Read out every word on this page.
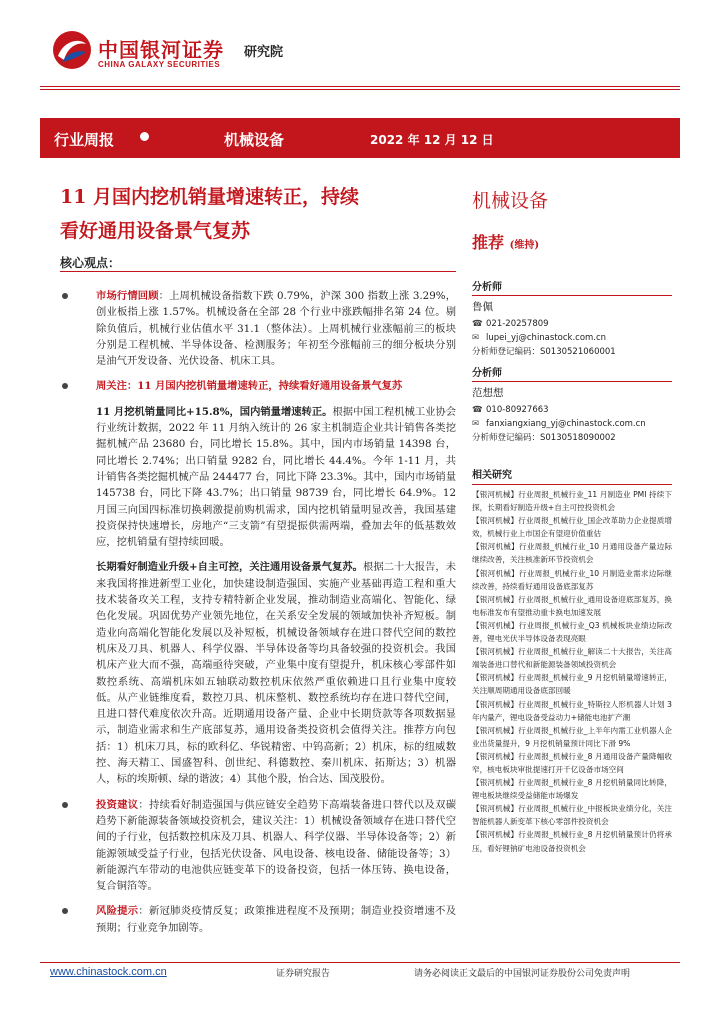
中国银河证券
CHINA GALAXY SECURITIES
研究院
行业周报	机械设备	2022 年 12 月 12 日
11 月国内挖机销量增速转正，持续
看好通用设备景气复苏
机械设备
推荐 (维持)
核心观点：
市场行情回顾：上周机械设备指数下跌 0.79%，沪深 300 指数上涨 3.29%，创业板指上涨 1.57%。机械设备在全部 28 个行业中涨跌幅排名第 24 位。剔除负值后，机械行业估值水平 31.1（整体法）。上周机械行业涨幅前三的板块分别是工程机械、半导体设备、检测服务；年初至今涨幅前三的细分板块分别是油气开发设备、光伏设备、机床工具。
周关注：11 月国内挖机销量增速转正，持续看好通用设备景气复苏
11 月挖机销量同比+15.8%，国内销量增速转正。根据中国工程机械工业协会行业统计数据，2022 年 11 月纳入统计的 26 家主机制造企业共计销售各类挖掘机械产品 23680 台，同比增长 15.8%。其中，国内市场销量 14398 台，同比增长 2.74%；出口销量 9282 台，同比增长 44.4%。今年 1-11 月，共计销售各类挖掘机械产品 244477 台，同比下降 23.3%。其中，国内市场销量 145738 台，同比下降 43.7%；出口销量 98739 台，同比增长 64.9%。12 月国三向国四标准切换刺激提前购机需求，国内挖机销量明显改善，我国基建投资保持快速增长，房地产“三支箭”有望提振供需两端，叠加去年的低基数效应，挖机销量有望持续回暖。
长期看好制造业升级+自主可控，关注通用设备景气复苏。根据二十大报告，未来我国将推进新型工业化，加快建设制造强国、实施产业基础再造工程和重大技术装备攻关工程，支持专精特新企业发展，推动制造业高端化、智能化、绿色化发展。巩固优势产业领先地位，在关系安全发展的领域加快补齐短板。制造业向高端化智能化发展以及补短板，机械设备领域存在进口替代空间的数控机床及刀具、机器人、科学仪器、半导体设备等均具备较强的投资机会。我国机床产业大而不强，高端亟待突破，产业集中度有望提升，机床核心零部件如数控系统、高端机床如五轴联动数控机床依然严重依赖进口且行业集中度较低。从产业链维度看，数控刀具、机床整机、数控系统均存在进口替代空间，且进口替代难度依次升高。近期通用设备产量、企业中长期贷款等各项数据显示，制造业需求和生产底部复苏，通用设备类投资机会值得关注。推荐方向包括：1）机床刀具，标的欧科亿、华锐精密、中钨高新；2）机床，标的纽威数控、海天精工、国盛智科、创世纪、科德数控、秦川机床、拓斯达；3）机器人，标的埃斯顿、绿的谐波；4）其他个股，怡合达、国茂股份。
投资建议：持续看好制造强国与供应链安全趋势下高端装备进口替代以及双碳趋势下新能源装备领域投资机会，建议关注：1）机械设备领域存在进口替代空间的子行业，包括数控机床及刀具、机器人、科学仪器、半导体设备等；2）新能源领域受益子行业，包括光伏设备、风电设备、核电设备、储能设备等；3）新能源汽车带动的电池供应链变革下的设备投资，包括一体压铸、换电设备，复合铜箔等。
风险提示：新冠肺炎疫情反复；政策推进程度不及预期；制造业投资增速不及预期；行业竞争加剧等。
分析师
鲁佩
☎ 021-20257809
✉ lupei_yj@chinastock.com.cn
分析师登记编码：S0130521060001
分析师
范想想
☎ 010-80927663
✉ fanxiangxiang_yj@chinastock.com.cn
分析师登记编码：S0130518090002
相关研究
【银河机械】行业周报_机械行业_11 月制造业 PMI 持续下探，长期看好制造升级+自主可控投资机会
【银河机械】行业周报_机械行业_国企改革助力企业提质增效，机械行业上市国企有望迎价值重估
【银河机械】行业周报_机械行业_10 月通用设备产量边际继续改善，关注核准新环节投资机会
【银河机械】行业周报_机械行业_10 月制造业需求边际继续改善，持续看好通用设备底部复苏
【银河机械】行业周报_机械行业_通用设备迎底部复苏，换电标准发布有望推动重卡换电加速发展
【银河机械】行业周报_机械行业_Q3 机械板块业绩边际改善，锂电光伏半导体设备表现亮眼
【银河机械】行业周报_机械行业_解读二十大报告，关注高端装备进口替代和新能源装备领域投资机会
【银河机械】行业周报_机械行业_9 月挖机销量增速转正，关注顺周期通用设备底部回暖
【银河机械】行业周报_机械行业_特斯拉人形机器人计划 3 年内量产，锂电设备受益动力+储能电池扩产潮
【银河机械】行业周报_机械行业_上半年内需工业机器人企业出货量提升，9 月挖机销量预计同比下滑 9%
【银河机械】行业周报_机械行业_8 月通用设备产量降幅收窄，核电板块审批提速打开千亿设备市场空间
【银河机械】行业周报_机械行业_8 月挖机销量同比转降，锂电板块继续受益储能市场爆发
【银河机械】行业周报_机械行业_中报板块业绩分化，关注智能机器人新变革下核心零部件投资机会
【银河机械】行业周报_机械行业_8 月挖机销量预计仍将承压，看好锂钠矿电池设备投资机会
www.chinastock.com.cn	证券研究报告	请务必阅读正文最后的中国银河证券股份公司免责声明
